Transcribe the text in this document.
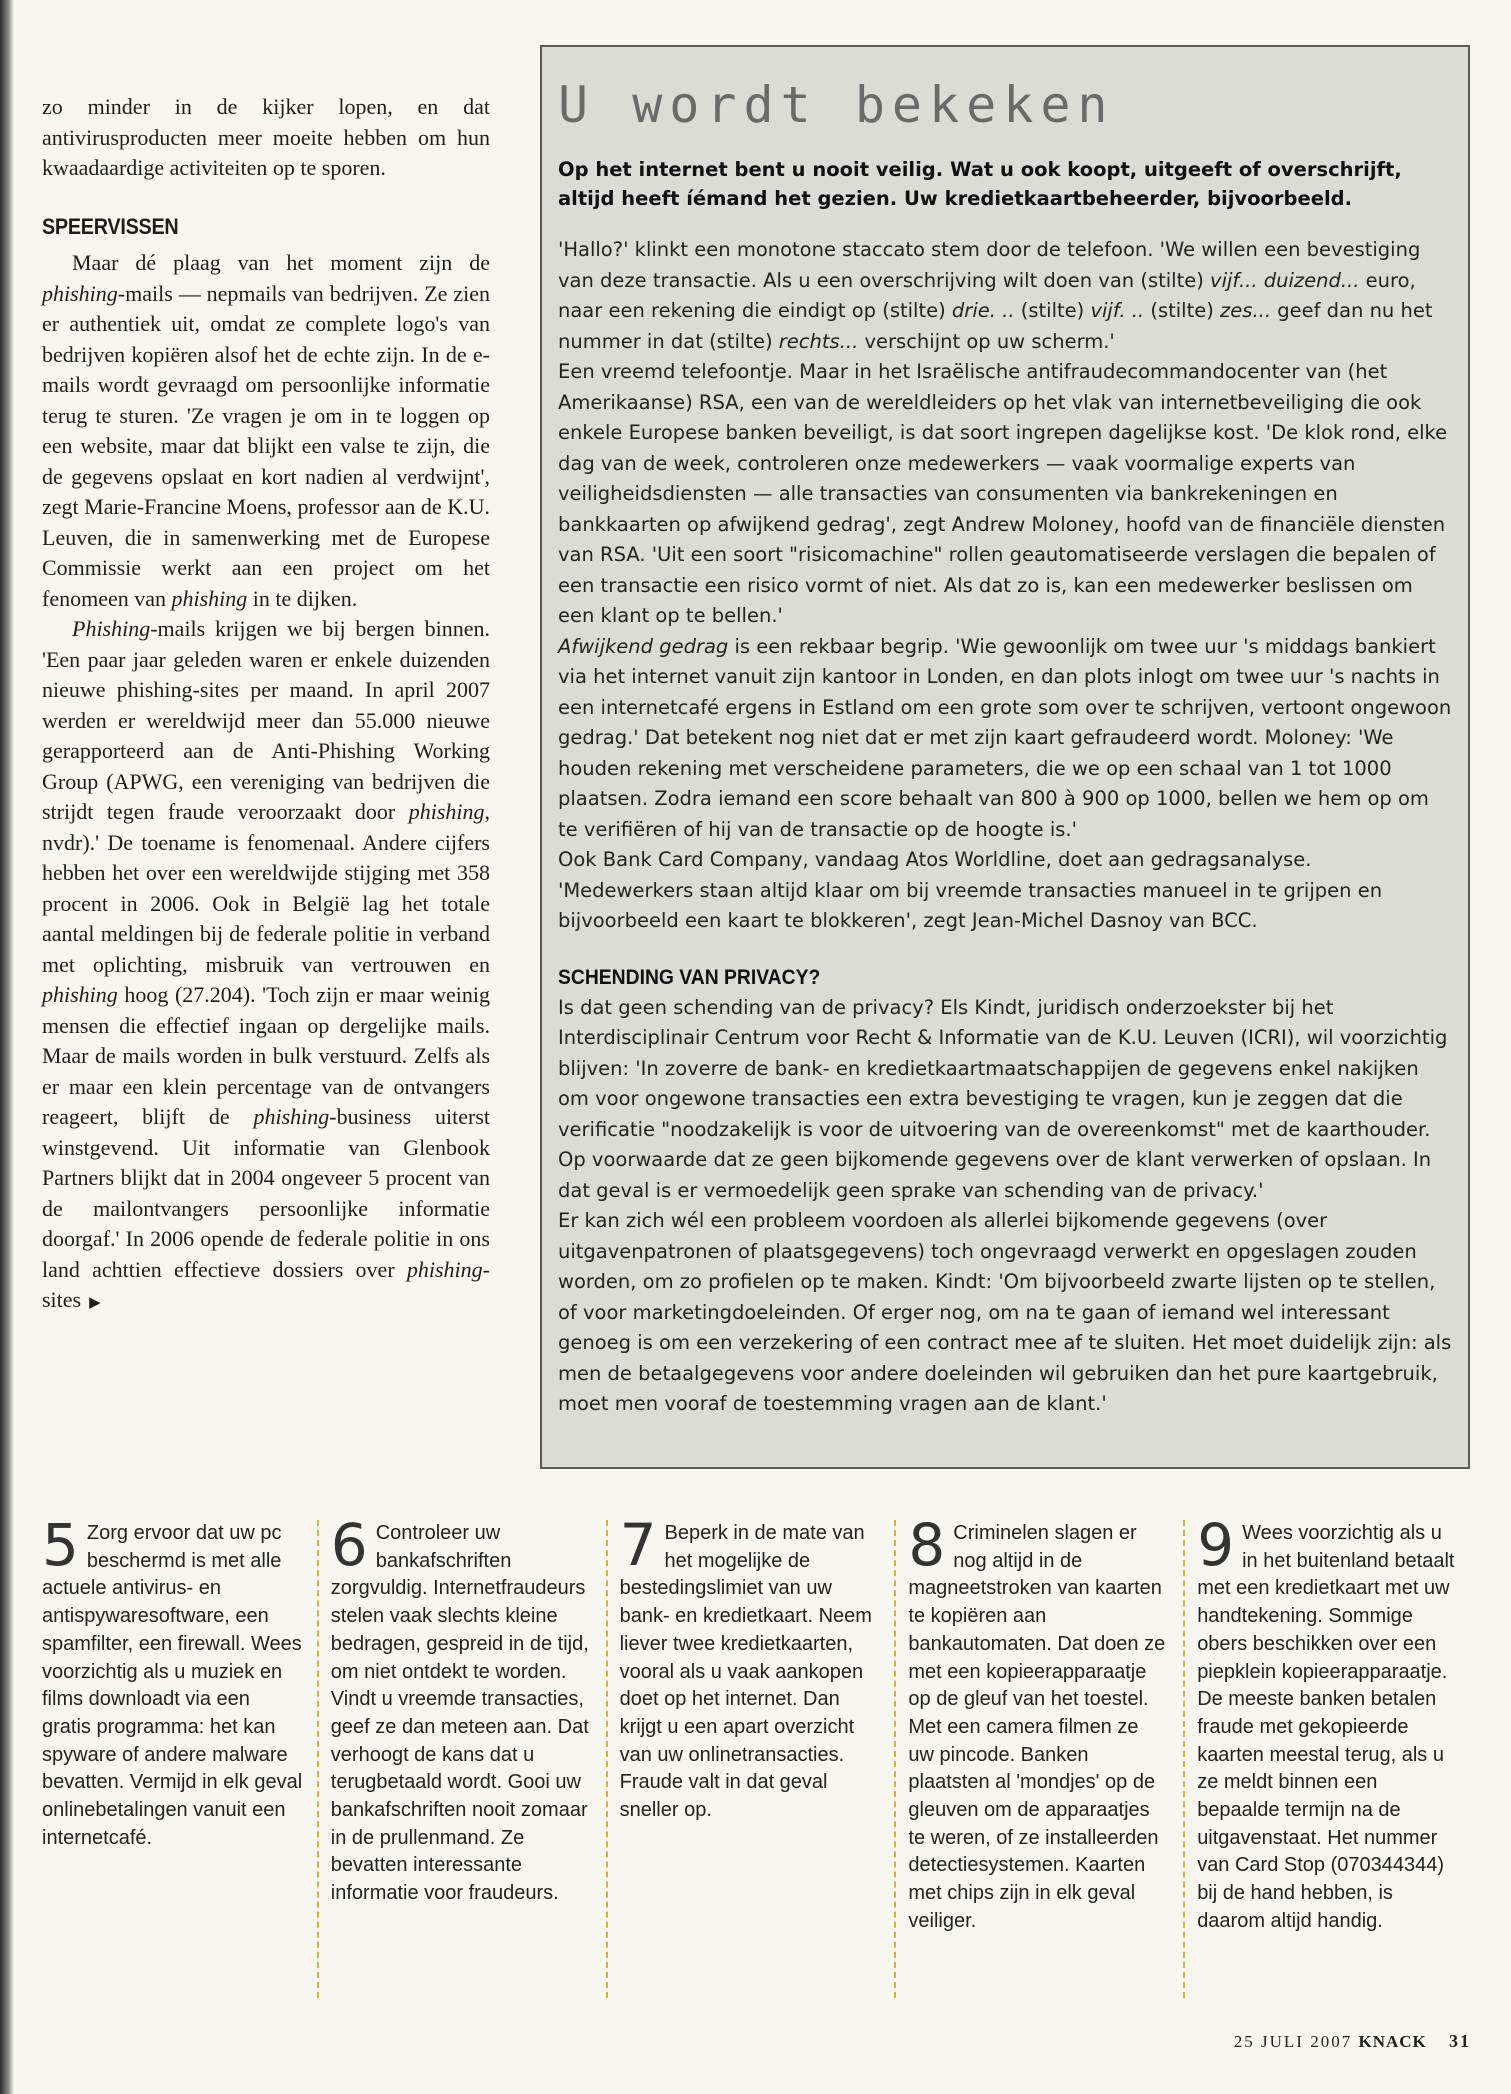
zo minder in de kijker lopen, en dat antivirusproducten meer moeite hebben om hun kwaadaardige activiteiten op te sporen.

SPEERVISSEN

Maar dé plaag van het moment zijn de phishing-mails — nepmails van bedrijven. Ze zien er authentiek uit, omdat ze complete logo's van bedrijven kopiëren alsof het de echte zijn. In de e-mails wordt gevraagd om persoonlijke informatie terug te sturen. 'Ze vragen je om in te loggen op een website, maar dat blijkt een valse te zijn, die de gegevens opslaat en kort nadien al verdwijnt', zegt Marie-Francine Moens, professor aan de K.U. Leuven, die in samenwerking met de Europese Commissie werkt aan een project om het fenomeen van phishing in te dijken.

Phishing-mails krijgen we bij bergen binnen. 'Een paar jaar geleden waren er enkele duizenden nieuwe phishing-sites per maand. In april 2007 werden er wereldwijd meer dan 55.000 nieuwe gerapporteerd aan de Anti-Phishing Working Group (APWG, een vereniging van bedrijven die strijdt tegen fraude veroorzaakt door phishing, nvdr).' De toename is fenomenaal. Andere cijfers hebben het over een wereldwijde stijging met 358 procent in 2006. Ook in België lag het totale aantal meldingen bij de federale politie in verband met oplichting, misbruik van vertrouwen en phishing hoog (27.204). 'Toch zijn er maar weinig mensen die effectief ingaan op dergelijke mails. Maar de mails worden in bulk verstuurd. Zelfs als er maar een klein percentage van de ontvangers reageert, blijft de phishing-business uiterst winstgevend. Uit informatie van Glenbook Partners blijkt dat in 2004 ongeveer 5 procent van de mailontvangers persoonlijke informatie doorgaf.' In 2006 opende de federale politie in ons land achttien effectieve dossiers over phishing-sites ▶

U wordt bekeken

Op het internet bent u nooit veilig. Wat u ook koopt, uitgeeft of overschrijft, altijd heeft íémand het gezien. Uw kredietkaartbeheerder, bijvoorbeeld.

'Hallo?' klinkt een monotone staccato stem door de telefoon. 'We willen een bevestiging van deze transactie. Als u een overschrijving wilt doen van (stilte) vijf... duizend... euro, naar een rekening die eindigt op (stilte) drie. .. (stilte) vijf. .. (stilte) zes... geef dan nu het nummer in dat (stilte) rechts... verschijnt op uw scherm.'

Een vreemd telefoontje. Maar in het Israëlische antifraudecommandocenter van (het Amerikaanse) RSA, een van de wereldleiders op het vlak van internetbeveiliging die ook enkele Europese banken beveiligt, is dat soort ingrepen dagelijkse kost. 'De klok rond, elke dag van de week, controleren onze medewerkers — vaak voormalige experts van veiligheidsdiensten — alle transacties van consumenten via bankrekeningen en bankkaarten op afwijkend gedrag', zegt Andrew Moloney, hoofd van de financiële diensten van RSA. 'Uit een soort "risicomachine" rollen geautomatiseerde verslagen die bepalen of een transactie een risico vormt of niet. Als dat zo is, kan een medewerker beslissen om een klant op te bellen.'

Afwijkend gedrag is een rekbaar begrip. 'Wie gewoonlijk om twee uur 's middags bankiert via het internet vanuit zijn kantoor in Londen, en dan plots inlogt om twee uur 's nachts in een internetcafé ergens in Estland om een grote som over te schrijven, vertoont ongewoon gedrag.' Dat betekent nog niet dat er met zijn kaart gefraudeerd wordt. Moloney: 'We houden rekening met verscheidene parameters, die we op een schaal van 1 tot 1000 plaatsen. Zodra iemand een score behaalt van 800 à 900 op 1000, bellen we hem op om te verifiëren of hij van de transactie op de hoogte is.'

Ook Bank Card Company, vandaag Atos Worldline, doet aan gedragsanalyse. 'Medewerkers staan altijd klaar om bij vreemde transacties manueel in te grijpen en bijvoorbeeld een kaart te blokkeren', zegt Jean-Michel Dasnoy van BCC.

SCHENDING VAN PRIVACY?

Is dat geen schending van de privacy? Els Kindt, juridisch onderzoekster bij het Interdisciplinair Centrum voor Recht & Informatie van de K.U. Leuven (ICRI), wil voorzichtig blijven: 'In zoverre de bank- en kredietkaartmaatschappijen de gegevens enkel nakijken om voor ongewone transacties een extra bevestiging te vragen, kun je zeggen dat die verificatie "noodzakelijk is voor de uitvoering van de overeenkomst" met de kaarthouder. Op voorwaarde dat ze geen bijkomende gegevens over de klant verwerken of opslaan. In dat geval is er vermoedelijk geen sprake van schending van de privacy.'

Er kan zich wél een probleem voordoen als allerlei bijkomende gegevens (over uitgavenpatronen of plaatsgegevens) toch ongevraagd verwerkt en opgeslagen zouden worden, om zo profielen op te maken. Kindt: 'Om bijvoorbeeld zwarte lijsten op te stellen, of voor marketingdoeleinden. Of erger nog, om na te gaan of iemand wel interessant genoeg is om een verzekering of een contract mee af te sluiten. Het moet duidelijk zijn: als men de betaalgegevens voor andere doeleinden wil gebruiken dan het pure kaartgebruik, moet men vooraf de toestemming vragen aan de klant.'

5 Zorg ervoor dat uw pc beschermd is met alle actuele antivirus- en antispywaresoftware, een spamfilter, een firewall. Wees voorzichtig als u muziek en films downloadt via een gratis programma: het kan spyware of andere malware bevatten. Vermijd in elk geval onlinebetalingen vanuit een internetcafé.

6 Controleer uw bankafschriften zorgvuldig. Internetfraudeurs stelen vaak slechts kleine bedragen, gespreid in de tijd, om niet ontdekt te worden. Vindt u vreemde transacties, geef ze dan meteen aan. Dat verhoogt de kans dat u terugbetaald wordt. Gooi uw bankafschriften nooit zomaar in de prullenmand. Ze bevatten interessante informatie voor fraudeurs.

7 Beperk in de mate van het mogelijke de bestedingslimiet van uw bank- en kredietkaart. Neem liever twee kredietkaarten, vooral als u vaak aankopen doet op het internet. Dan krijgt u een apart overzicht van uw onlinetransacties. Fraude valt in dat geval sneller op.

8 Criminelen slagen er nog altijd in de magneetstroken van kaarten te kopiëren aan bankautomaten. Dat doen ze met een kopieerapparaatje op de gleuf van het toestel. Met een camera filmen ze uw pincode. Banken plaatsten al 'mondjes' op de gleuven om de apparaatjes te weren, of ze installeerden detectiesystemen. Kaarten met chips zijn in elk geval veiliger.

9 Wees voorzichtig als u in het buitenland betaalt met een kredietkaart met uw handtekening. Sommige obers beschikken over een piepklein kopieerapparaatje. De meeste banken betalen fraude met gekopieerde kaarten meestal terug, als u ze meldt binnen een bepaalde termijn na de uitgavenstaat. Het nummer van Card Stop (070344344) bij de hand hebben, is daarom altijd handig.

25 JULI 2007 KNACK 31
